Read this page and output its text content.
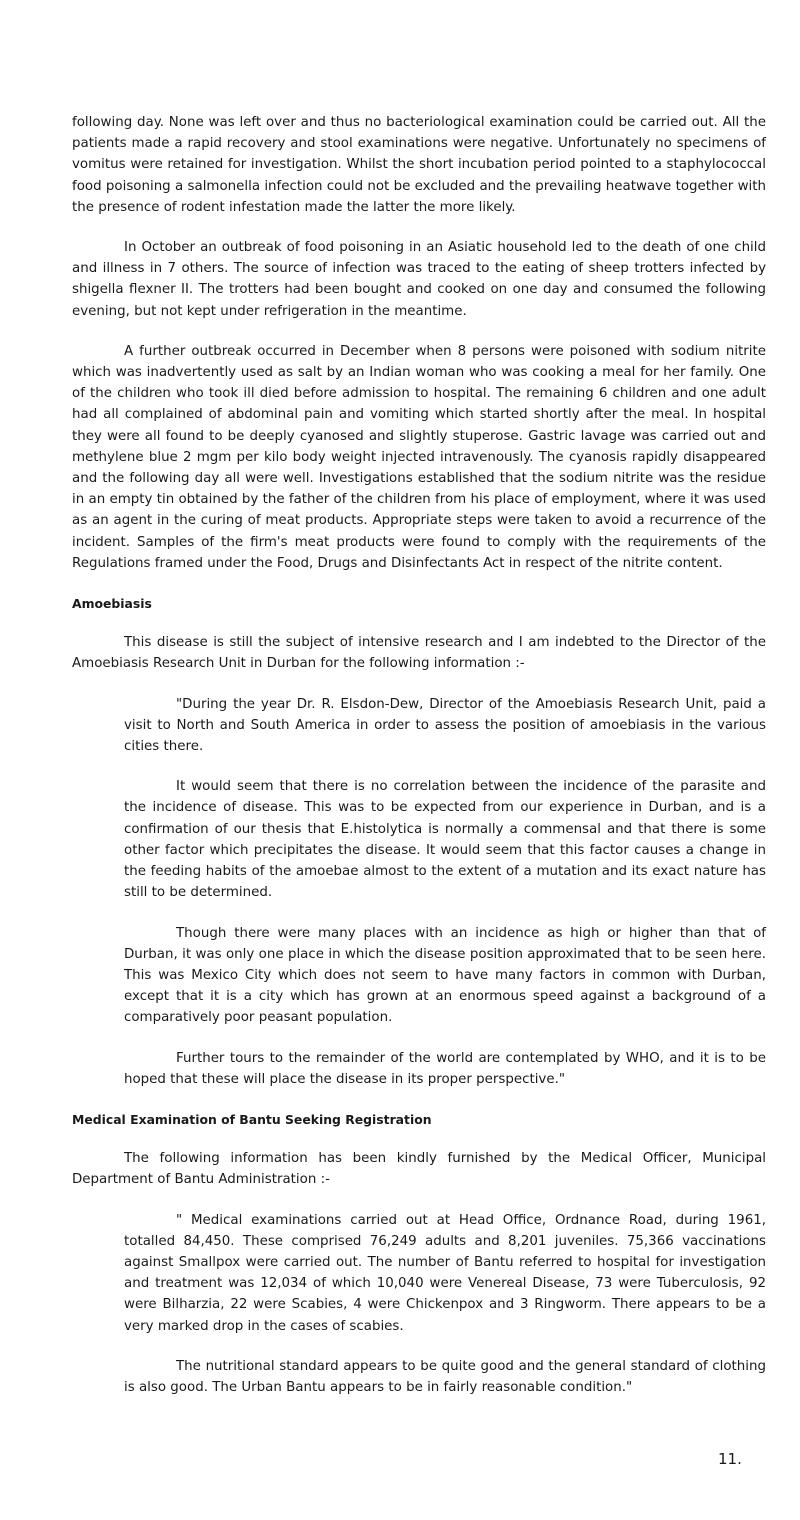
following day. None was left over and thus no bacteriological examination could be carried out. All the patients made a rapid recovery and stool examinations were negative. Unfortunately no specimens of vomitus were retained for investigation. Whilst the short incubation period pointed to a staphylococcal food poisoning a salmonella infection could not be excluded and the prevailing heatwave together with the presence of rodent infestation made the latter the more likely.

In October an outbreak of food poisoning in an Asiatic household led to the death of one child and illness in 7 others. The source of infection was traced to the eating of sheep trotters infected by shigella flexner II. The trotters had been bought and cooked on one day and consumed the following evening, but not kept under refrigeration in the meantime.

A further outbreak occurred in December when 8 persons were poisoned with sodium nitrite which was inadvertently used as salt by an Indian woman who was cooking a meal for her family. One of the children who took ill died before admission to hospital. The remaining 6 children and one adult had all complained of abdominal pain and vomiting which started shortly after the meal. In hospital they were all found to be deeply cyanosed and slightly stuperose. Gastric lavage was carried out and methylene blue 2 mgm per kilo body weight injected intravenously. The cyanosis rapidly disappeared and the following day all were well. Investigations established that the sodium nitrite was the residue in an empty tin obtained by the father of the children from his place of employment, where it was used as an agent in the curing of meat products. Appropriate steps were taken to avoid a recurrence of the incident. Samples of the firm's meat products were found to comply with the requirements of the Regulations framed under the Food, Drugs and Disinfectants Act in respect of the nitrite content.

Amoebiasis

This disease is still the subject of intensive research and I am indebted to the Director of the Amoebiasis Research Unit in Durban for the following information :-

"During the year Dr. R. Elsdon-Dew, Director of the Amoebiasis Research Unit, paid a visit to North and South America in order to assess the position of amoebiasis in the various cities there.

It would seem that there is no correlation between the incidence of the parasite and the incidence of disease. This was to be expected from our experience in Durban, and is a confirmation of our thesis that E.histolytica is normally a commensal and that there is some other factor which precipitates the disease. It would seem that this factor causes a change in the feeding habits of the amoebae almost to the extent of a mutation and its exact nature has still to be determined.

Though there were many places with an incidence as high or higher than that of Durban, it was only one place in which the disease position approximated that to be seen here. This was Mexico City which does not seem to have many factors in common with Durban, except that it is a city which has grown at an enormous speed against a background of a comparatively poor peasant population.

Further tours to the remainder of the world are contemplated by WHO, and it is to be hoped that these will place the disease in its proper perspective."

Medical Examination of Bantu Seeking Registration

The following information has been kindly furnished by the Medical Officer, Municipal Department of Bantu Administration :-

" Medical examinations carried out at Head Office, Ordnance Road, during 1961, totalled 84,450. These comprised 76,249 adults and 8,201 juveniles. 75,366 vaccinations against Smallpox were carried out. The number of Bantu referred to hospital for investigation and treatment was 12,034 of which 10,040 were Venereal Disease, 73 were Tuberculosis, 92 were Bilharzia, 22 were Scabies, 4 were Chickenpox and 3 Ringworm. There appears to be a very marked drop in the cases of scabies.

The nutritional standard appears to be quite good and the general standard of clothing is also good. The Urban Bantu appears to be in fairly reasonable condition."

11.
